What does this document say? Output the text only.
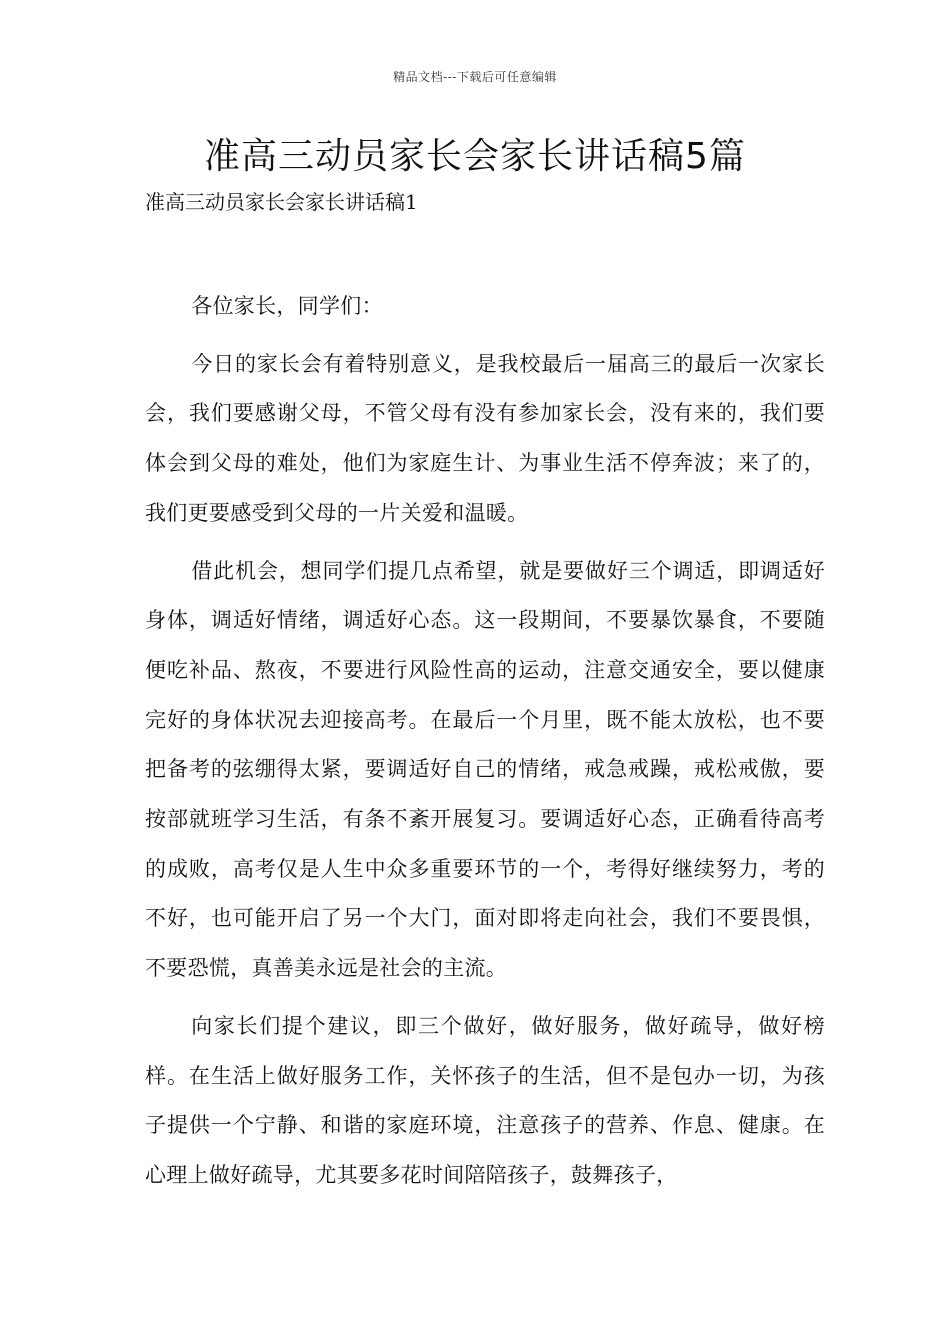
精品文档---下载后可任意编辑
准高三动员家长会家长讲话稿5篇
准高三动员家长会家长讲话稿1

各位家长，同学们：

今日的家长会有着特别意义，是我校最后一届高三的最后一次家长会，我们要感谢父母，不管父母有没有参加家长会，没有来的，我们要体会到父母的难处，他们为家庭生计、为事业生活不停奔波；来了的，我们更要感受到父母的一片关爱和温暖。

借此机会，想同学们提几点希望，就是要做好三个调适，即调适好身体，调适好情绪，调适好心态。这一段期间，不要暴饮暴食，不要随便吃补品、熬夜，不要进行风险性高的运动，注意交通安全，要以健康完好的身体状况去迎接高考。在最后一个月里，既不能太放松，也不要把备考的弦绷得太紧，要调适好自己的情绪，戒急戒躁，戒松戒傲，要按部就班学习生活，有条不紊开展复习。要调适好心态，正确看待高考的成败，高考仅是人生中众多重要环节的一个，考得好继续努力，考的不好，也可能开启了另一个大门，面对即将走向社会，我们不要畏惧，不要恐慌，真善美永远是社会的主流。

向家长们提个建议，即三个做好，做好服务，做好疏导，做好榜样。在生活上做好服务工作，关怀孩子的生活，但不是包办一切，为孩子提供一个宁静、和谐的家庭环境，注意孩子的营养、作息、健康。在心理上做好疏导，尤其要多花时间陪陪孩子，鼓舞孩子，
